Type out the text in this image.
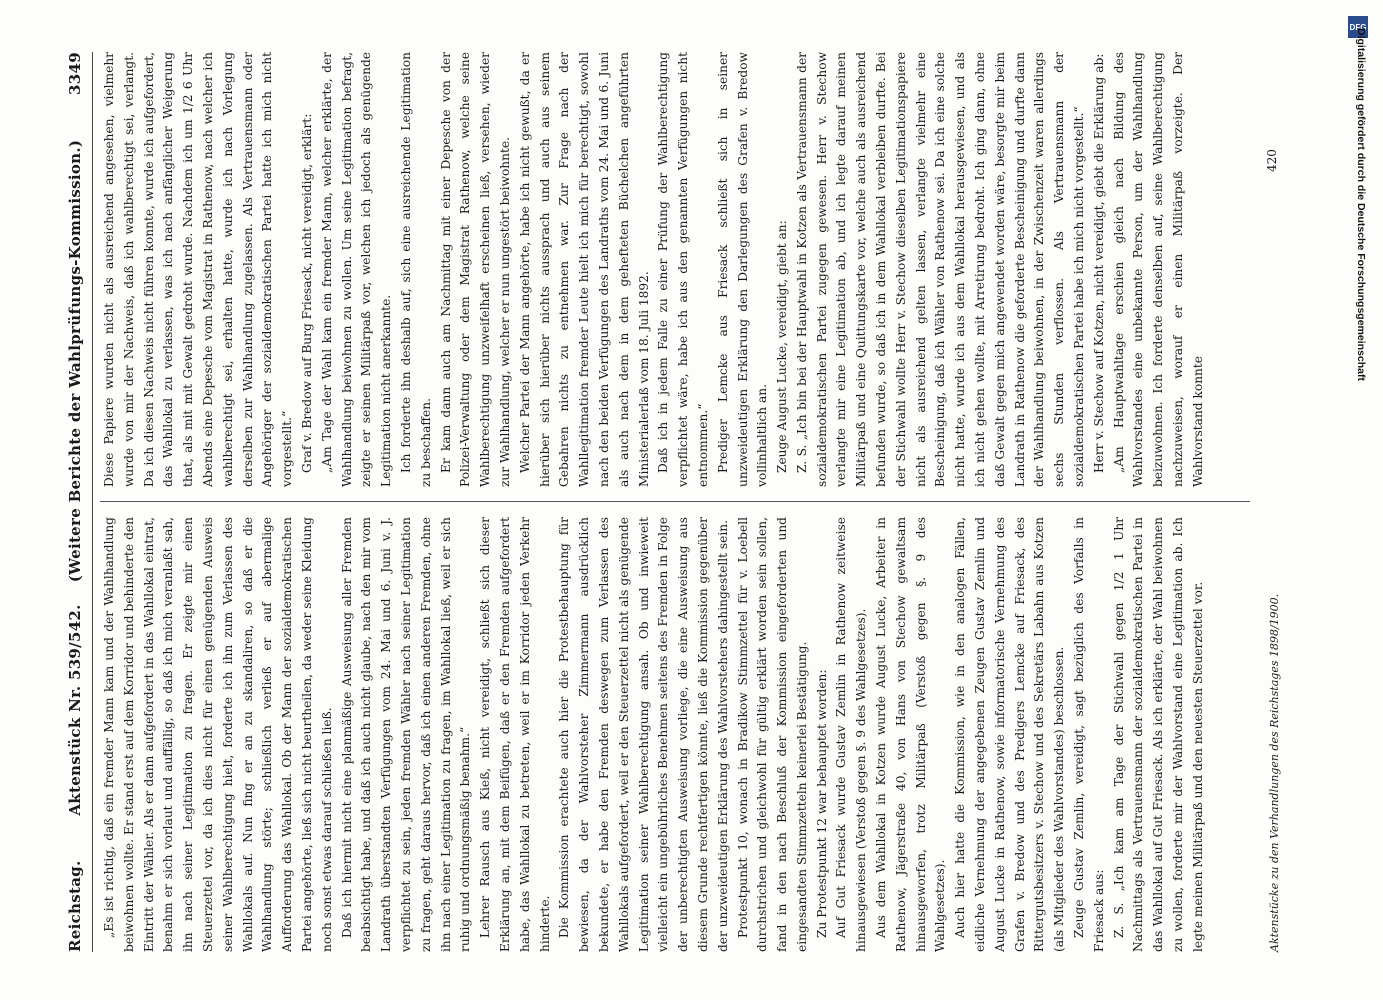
Reichstag.
Aktenstück Nr. 539/542.    (Weitere Berichte der Wahlprüfungs-Kommission.)
3349

„Es ist richtig, daß ein fremder Mann kam und der Wahlhandlung beiwohnen wollte. Er stand erst auf dem Korridor und behinderte den Eintritt der Wähler. Als er dann aufgefordert in das Wahllokal eintrat, benahm er sich vorlaut und auffällig, so daß ich mich veranlaßt sah, ihn nach seiner Legitimation zu fragen. Er zeigte mir einen Steuerzettel vor, da ich dies nicht für einen genügenden Ausweis seiner Wahlberechtigung hielt, forderte ich ihn zum Verlassen des Wahllokals auf. Nun fing er an zu skandaliren, so daß er die Wahlhandlung störte; schließlich verließ er auf abermalige Aufforderung das Wahllokal. Ob der Mann der sozialdemokratischen Partei angehörte, ließ sich nicht beurtheilen, da weder seine Kleidung noch sonst etwas darauf schließen ließ. Daß ich hiermit nicht eine planmäßige Ausweisung aller Fremden beabsichtigt habe, und daß ich auch nicht glaube, nach den mir vom Landrath überstandten Verfügungen vom 24. Mai und 6. Juni v. J. verpflichtet zu sein, jeden fremden Wähler nach seiner Legitimation zu fragen, geht daraus hervor, daß ich einen anderen Fremden, ohne ihn nach einer Legitimation zu fragen, im Wahllokal ließ, weil er sich ruhig und ordnungsmäßig benahm.“ Lehrer Rausch aus Kieß, nicht vereidigt, schließt sich dieser Erklärung an, mit dem Beifügen, daß er den Fremden aufgefordert habe, das Wahllokal zu betreten, weil er im Korridor jeden Verkehr hinderte. Die Kommission erachtete auch hier die Protestbehauptung für bewiesen, da der Wahlvorsteher Zimmermann ausdrücklich bekundete, er habe den Fremden deswegen zum Verlassen des Wahllokals aufgefordert, weil er den Steuerzettel nicht als genügende Legitimation seiner Wahlberechtigung ansah. Ob und inwieweit vielleicht ein ungebührliches Benehmen seitens des Fremden in Folge der unberechtigten Ausweisung vorliege, die eine Ausweisung aus diesem Grunde rechtfertigen könnte, ließ die Kommission gegenüber der unzweideutigen Erklärung des Wahlvorstehers dahingestellt sein. Protestpunkt 10, wonach in Bradikow Stimmzettel für v. Loebell durchstrichen und gleichwohl für gültig erklärt worden sein sollen, fand in den nach Beschluß der Kommission eingeforderten und eingesandten Stimmzetteln keinerlei Bestätigung. Zu Protestpunkt 12 war behauptet worden: Auf Gut Friesack wurde Gustav Zemlin in Rathenow zeitweise hinausgewiesen (Verstoß gegen §. 9 des Wahlgesetzes). Aus dem Wahllokal in Kotzen wurde August Lucke, Arbeiter in Rathenow, Jägerstraße 40, von Hans von Stechow gewaltsam hinausgeworfen, trotz Militärpaß (Verstoß gegen §. 9 des Wahlgesetzes). Auch hier hatte die Kommission, wie in den analogen Fällen, eidliche Vernehmung der angegebenen Zeugen Gustav Zemlin und August Lucke in Rathenow, sowie informatorische Vernehmung des Grafen v. Bredow und des Predigers Lemcke auf Friesack, des Rittergutsbesitzers v. Stechow und des Sekretärs Labahn aus Kotzen (als Mitglieder des Wahlvorstandes) beschlossen. Zeuge Gustav Zemlin, vereidigt, sagt bezüglich des Vorfalls in Friesack aus: Z. S. „Ich kam am Tage der Stichwahl gegen 1/2 1 Uhr Nachmittags als Vertrauensmann der sozialdemokratischen Partei in das Wahllokal auf Gut Friesack. Als ich erklärte, der Wahl beiwohnen zu wollen, forderte mir der Wahlvorstand eine Legitimation ab. Ich legte meinen Militärpaß und den neuesten Steuerzettel vor.

Diese Papiere wurden nicht als ausreichend angesehen, vielmehr wurde von mir der Nachweis, daß ich wahlberechtigt sei, verlangt. Da ich diesen Nachweis nicht führen konnte, wurde ich aufgefordert, das Wahllokal zu verlassen, was ich nach anfänglicher Weigerung that, als mit mit Gewalt gedroht wurde. Nachdem ich um 1/2 6 Uhr Abends eine Depesche vom Magistrat in Rathenow, nach welcher ich wahlberechtigt sei, erhalten hatte, wurde ich nach Vorlegung derselben zur Wahlhandlung zugelassen. Als Vertrauensmann oder Angehöriger der sozialdemokratischen Partei hatte ich mich nicht vorgestellt.“ Graf v. Bredow auf Burg Friesack, nicht vereidigt, erklärt: „Am Tage der Wahl kam ein fremder Mann, welcher erklärte, der Wahlhandlung beiwohnen zu wollen. Um seine Legitimation befragt, zeigte er seinen Militärpaß vor, welchen ich jedoch als genügende Legitimation nicht anerkannte. Ich forderte ihn deshalb auf, sich eine ausreichende Legitimation zu beschaffen. Er kam dann auch am Nachmittag mit einer Depesche von der Polizei-Verwaltung oder dem Magistrat Rathenow, welche seine Wahlberechtigung unzweifelhaft erscheinen ließ, versehen, wieder zur Wahlhandlung, welcher er nun ungestört beiwohnte. Welcher Partei der Mann angehörte, habe ich nicht gewußt, da er hierüber sich hierüber nichts aussprach und auch aus seinem Gebahren nichts zu entnehmen war. Zur Frage nach der Wahllegitimation fremder Leute hielt ich mich für berechtigt, sowohl nach den beiden Verfügungen des Landraths vom 24. Mai und 6. Juni als auch nach dem in dem gehefteten Büchelchen angeführten Ministerialerlaß vom 18. Juli 1892. Daß ich in jedem Falle zu einer Prüfung der Wahlberechtigung verpflichtet wäre, habe ich aus den genannten Verfügungen nicht entnommen.“ Prediger Lemcke aus Friesack schließt sich in seiner unzweideutigen Erklärung den Darlegungen des Grafen v. Bredow vollinhaltlich an. Zeuge August Lucke, vereidigt, giebt an: Z. S. „Ich bin bei der Hauptwahl in Kotzen als Vertrauensmann der sozialdemokratischen Partei zugegen gewesen. Herr v. Stechow verlangte mir eine Legitimation ab, und ich legte darauf meinen Militärpaß und eine Quittungskarte vor, welche auch als ausreichend befunden wurde, so daß ich in dem Wahllokal verbleiben durfte. Bei der Stichwahl wollte Herr v. Stechow dieselben Legitimationspapiere nicht als ausreichend gelten lassen, verlangte vielmehr eine Bescheinigung, daß ich Wähler von Rathenow sei. Da ich eine solche nicht hatte, wurde ich aus dem Wahllokal herausgewiesen, und als ich nicht gehen wollte, mit Arretirung bedroht. Ich ging dann, ohne daß Gewalt gegen mich angewendet worden wäre, besorgte mir beim Landrath in Rathenow die geforderte Bescheinigung und durfte dann der Wahlhandlung beiwohnen, in der Zwischenzeit waren allerdings sechs Stunden verflossen. Als Vertrauensmann der sozialdemokratischen Partei habe ich mich nicht vorgestellt.“ Herr v. Stechow auf Kotzen, nicht vereidigt, giebt die Erklärung ab: „Am Hauptwahltage erschien gleich nach Bildung des Wahlvorstandes eine unbekannte Person, um der Wahlhandlung beizuwohnen. Ich forderte denselben auf, seine Wahlberechtigung nachzuweisen, worauf er einen Militärpaß vorzeigte. Der Wahlvorstand konnte

Aktenstücke zu den Verhandlungen des Reichstages 1898/1900.
420
DFG
Digitalisierung gefördert durch die Deutsche Forschungsgemeinschaft
